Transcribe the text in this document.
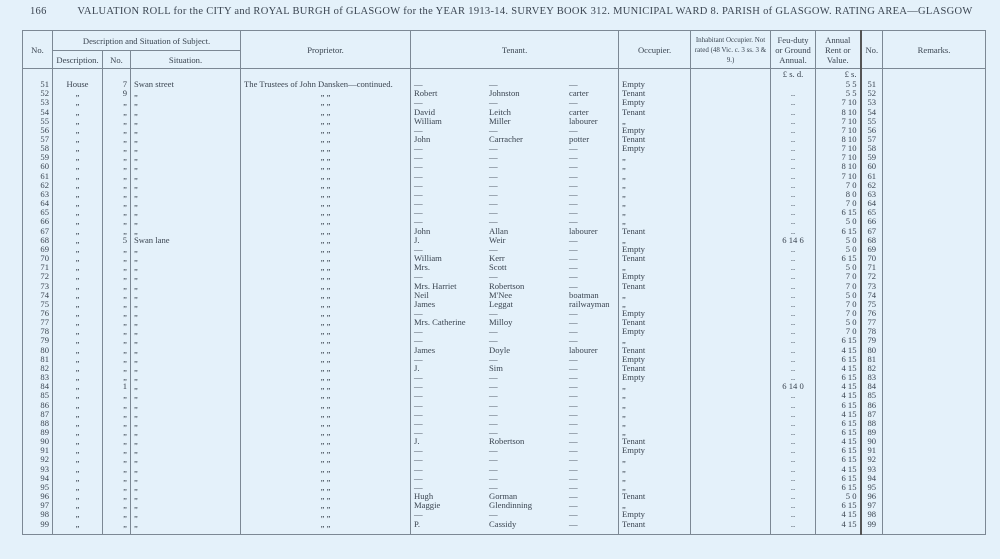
166	VALUATION ROLL for the CITY and ROYAL BURGH of GLASGOW for the YEAR 1913-14. SURVEY BOOK 312. MUNICIPAL WARD 8. PARISH of GLASGOW. RATING AREA—GLASGOW
No.	Description and Situation of Subject.			Proprietor.	Tenant.	Occupier.	Inhabitant Occupier. Not rated (48 Vic. c. 3 ss. 3 & 9.)	Feu-duty or Ground Annual.	Annual Rent or Value.	No.	Remarks.
	Description.	No.	Situation.								
								£ s. d.	£ s.		
51	House	7	Swan street	The Trustees of John Dansken—continued.	— — —	Empty			5 5	51	
52	„	9	„	„ „	Robert Johnston carter	Tenant		..	5 5	52	
53	„	„	„	„ „	— — —	Empty		..	7 10	53	
54	„	„	„	„ „	David Leitch carter	Tenant		..	8 10	54	
55	„	„	„	„ „	William Miller labourer	„		..	7 10	55	
56	„	„	„	„ „	— — —	Empty		..	7 10	56	
57	„	„	„	„ „	John Carracher potter	Tenant		..	8 10	57	
58	„	„	„	„ „	— — —	Empty		..	7 10	58	
59	„	„	„	„ „	— — —	„		..	7 10	59	
60	„	„	„	„ „	— — —	„		..	8 10	60	
61	„	„	„	„ „	— — —	„		..	7 10	61	
62	„	„	„	„ „	— — —	„		..	7 0	62	
63	„	„	„	„ „	— — —	„		..	8 0	63	
64	„	„	„	„ „	— — —	„		..	7 0	64	
65	„	„	„	„ „	— — —	„		..	6 15	65	
66	„	„	„	„ „	— — —	„		..	5 0	66	
67	„	„	„	„ „	John Allan labourer	Tenant		..	6 15	67	
68	„	5	Swan lane	„ „	J. Weir —	„		6 14 6	5 0	68	
69	„	„	„	„ „	— — —	Empty		..	5 0	69	
70	„	„	„	„ „	William Kerr —	Tenant		..	6 15	70	
71	„	„	„	„ „	Mrs. Scott —	„		..	5 0	71	
72	„	„	„	„ „	— — —	Empty		..	7 0	72	
73	„	„	„	„ „	Mrs. Harriet Robertson —	Tenant		..	7 0	73	
74	„	„	„	„ „	Neil M'Nee boatman	„		..	5 0	74	
75	„	„	„	„ „	James Leggat railwayman	„		..	7 0	75	
76	„	„	„	„ „	— — —	Empty		..	7 0	76	
77	„	„	„	„ „	Mrs. Catherine Milloy —	Tenant		..	5 0	77	
78	„	„	„	„ „	— — —	Empty		..	7 0	78	
79	„	„	„	„ „	— — —	„		..	6 15	79	
80	„	„	„	„ „	James Doyle labourer	Tenant		..	4 15	80	
81	„	„	„	„ „	— — —	Empty		..	6 15	81	
82	„	„	„	„ „	J. Sim —	Tenant		..	4 15	82	
83	„	„	„	„ „	— — —	Empty		..	6 15	83	
84	„	1	„	„ „	— — —	„		6 14 0	4 15	84	
85	„	„	„	„ „	— — —	„		..	4 15	85	
86	„	„	„	„ „	— — —	„		..	6 15	86	
87	„	„	„	„ „	— — —	„		..	4 15	87	
88	„	„	„	„ „	— — —	„		..	6 15	88	
89	„	„	„	„ „	— — —	„		..	6 15	89	
90	„	„	„	„ „	J. Robertson —	Tenant		..	4 15	90	
91	„	„	„	„ „	— — —	Empty		..	6 15	91	
92	„	„	„	„ „	— — —	„		..	6 15	92	
93	„	„	„	„ „	— — —	„		..	4 15	93	
94	„	„	„	„ „	— — —	„		..	6 15	94	
95	„	„	„	„ „	— — —	„		..	6 15	95	
96	„	„	„	„ „	Hugh Gorman —	Tenant		..	5 0	96	
97	„	„	„	„ „	Maggie Glendinning —	„		..	6 15	97	
98	„	„	„	„ „	— — —	Empty		..	4 15	98	
99	„	„	„	„ „	P. Cassidy —	Tenant		..	4 15	99	
